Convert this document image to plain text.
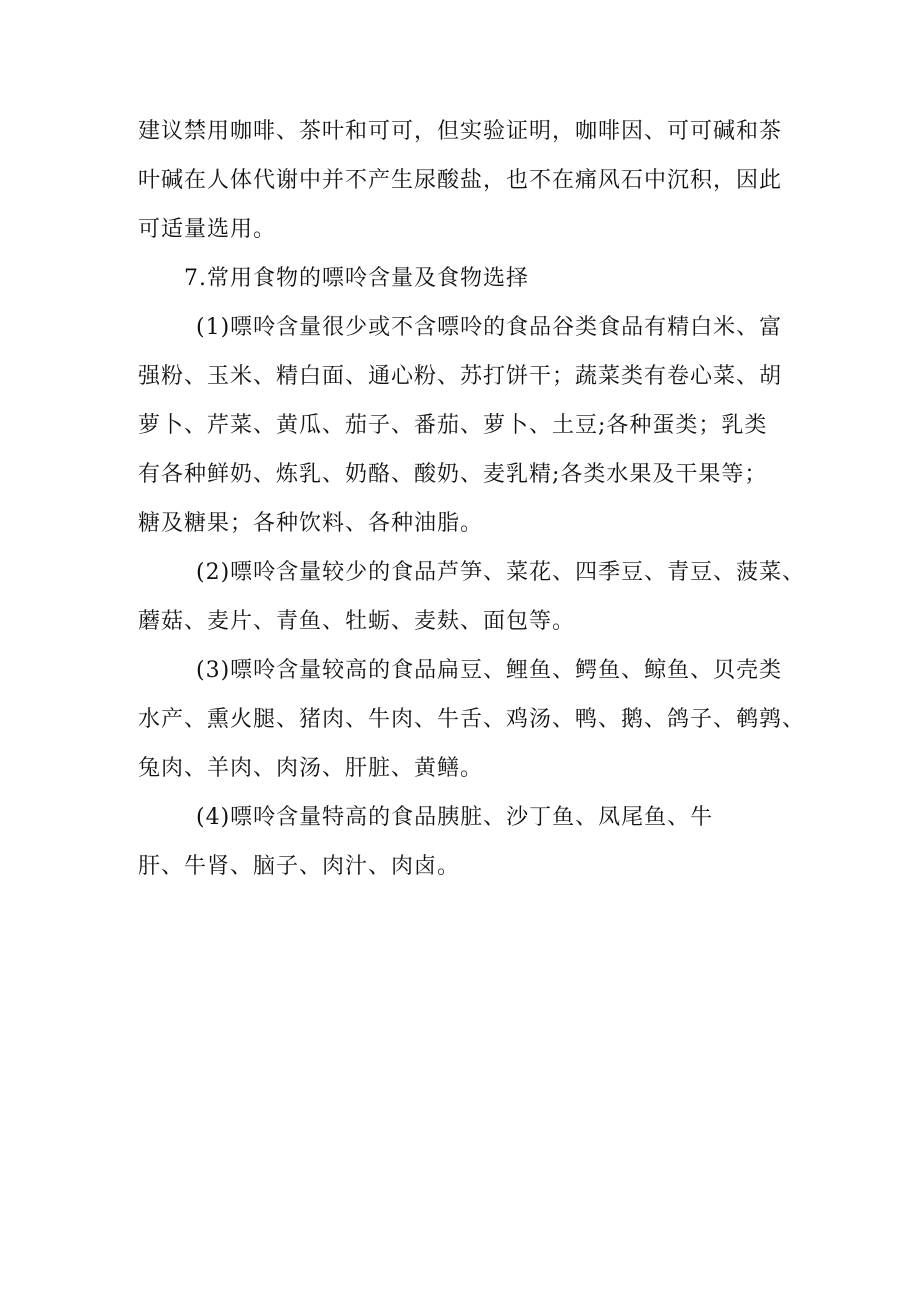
建议禁用咖啡、茶叶和可可，但实验证明，咖啡因、可可碱和茶
叶碱在人体代谢中并不产生尿酸盐，也不在痛风石中沉积，因此
可适量选用。
7.常用食物的嘌呤含量及食物选择
(1)嘌呤含量很少或不含嘌呤的食品谷类食品有精白米、富
强粉、玉米、精白面、通心粉、苏打饼干；蔬菜类有卷心菜、胡
萝卜、芹菜、黄瓜、茄子、番茄、萝卜、土豆;各种蛋类；乳类
有各种鲜奶、炼乳、奶酪、酸奶、麦乳精;各类水果及干果等；
糖及糖果；各种饮料、各种油脂。
(2)嘌呤含量较少的食品芦笋、菜花、四季豆、青豆、菠菜、
蘑菇、麦片、青鱼、牡蛎、麦麸、面包等。
(3)嘌呤含量较高的食品扁豆、鲤鱼、鳄鱼、鲸鱼、贝壳类
水产、熏火腿、猪肉、牛肉、牛舌、鸡汤、鸭、鹅、鸽子、鹌鹑、
兔肉、羊肉、肉汤、肝脏、黄鳝。
(4)嘌呤含量特高的食品胰脏、沙丁鱼、凤尾鱼、牛
肝、牛肾、脑子、肉汁、肉卤。
